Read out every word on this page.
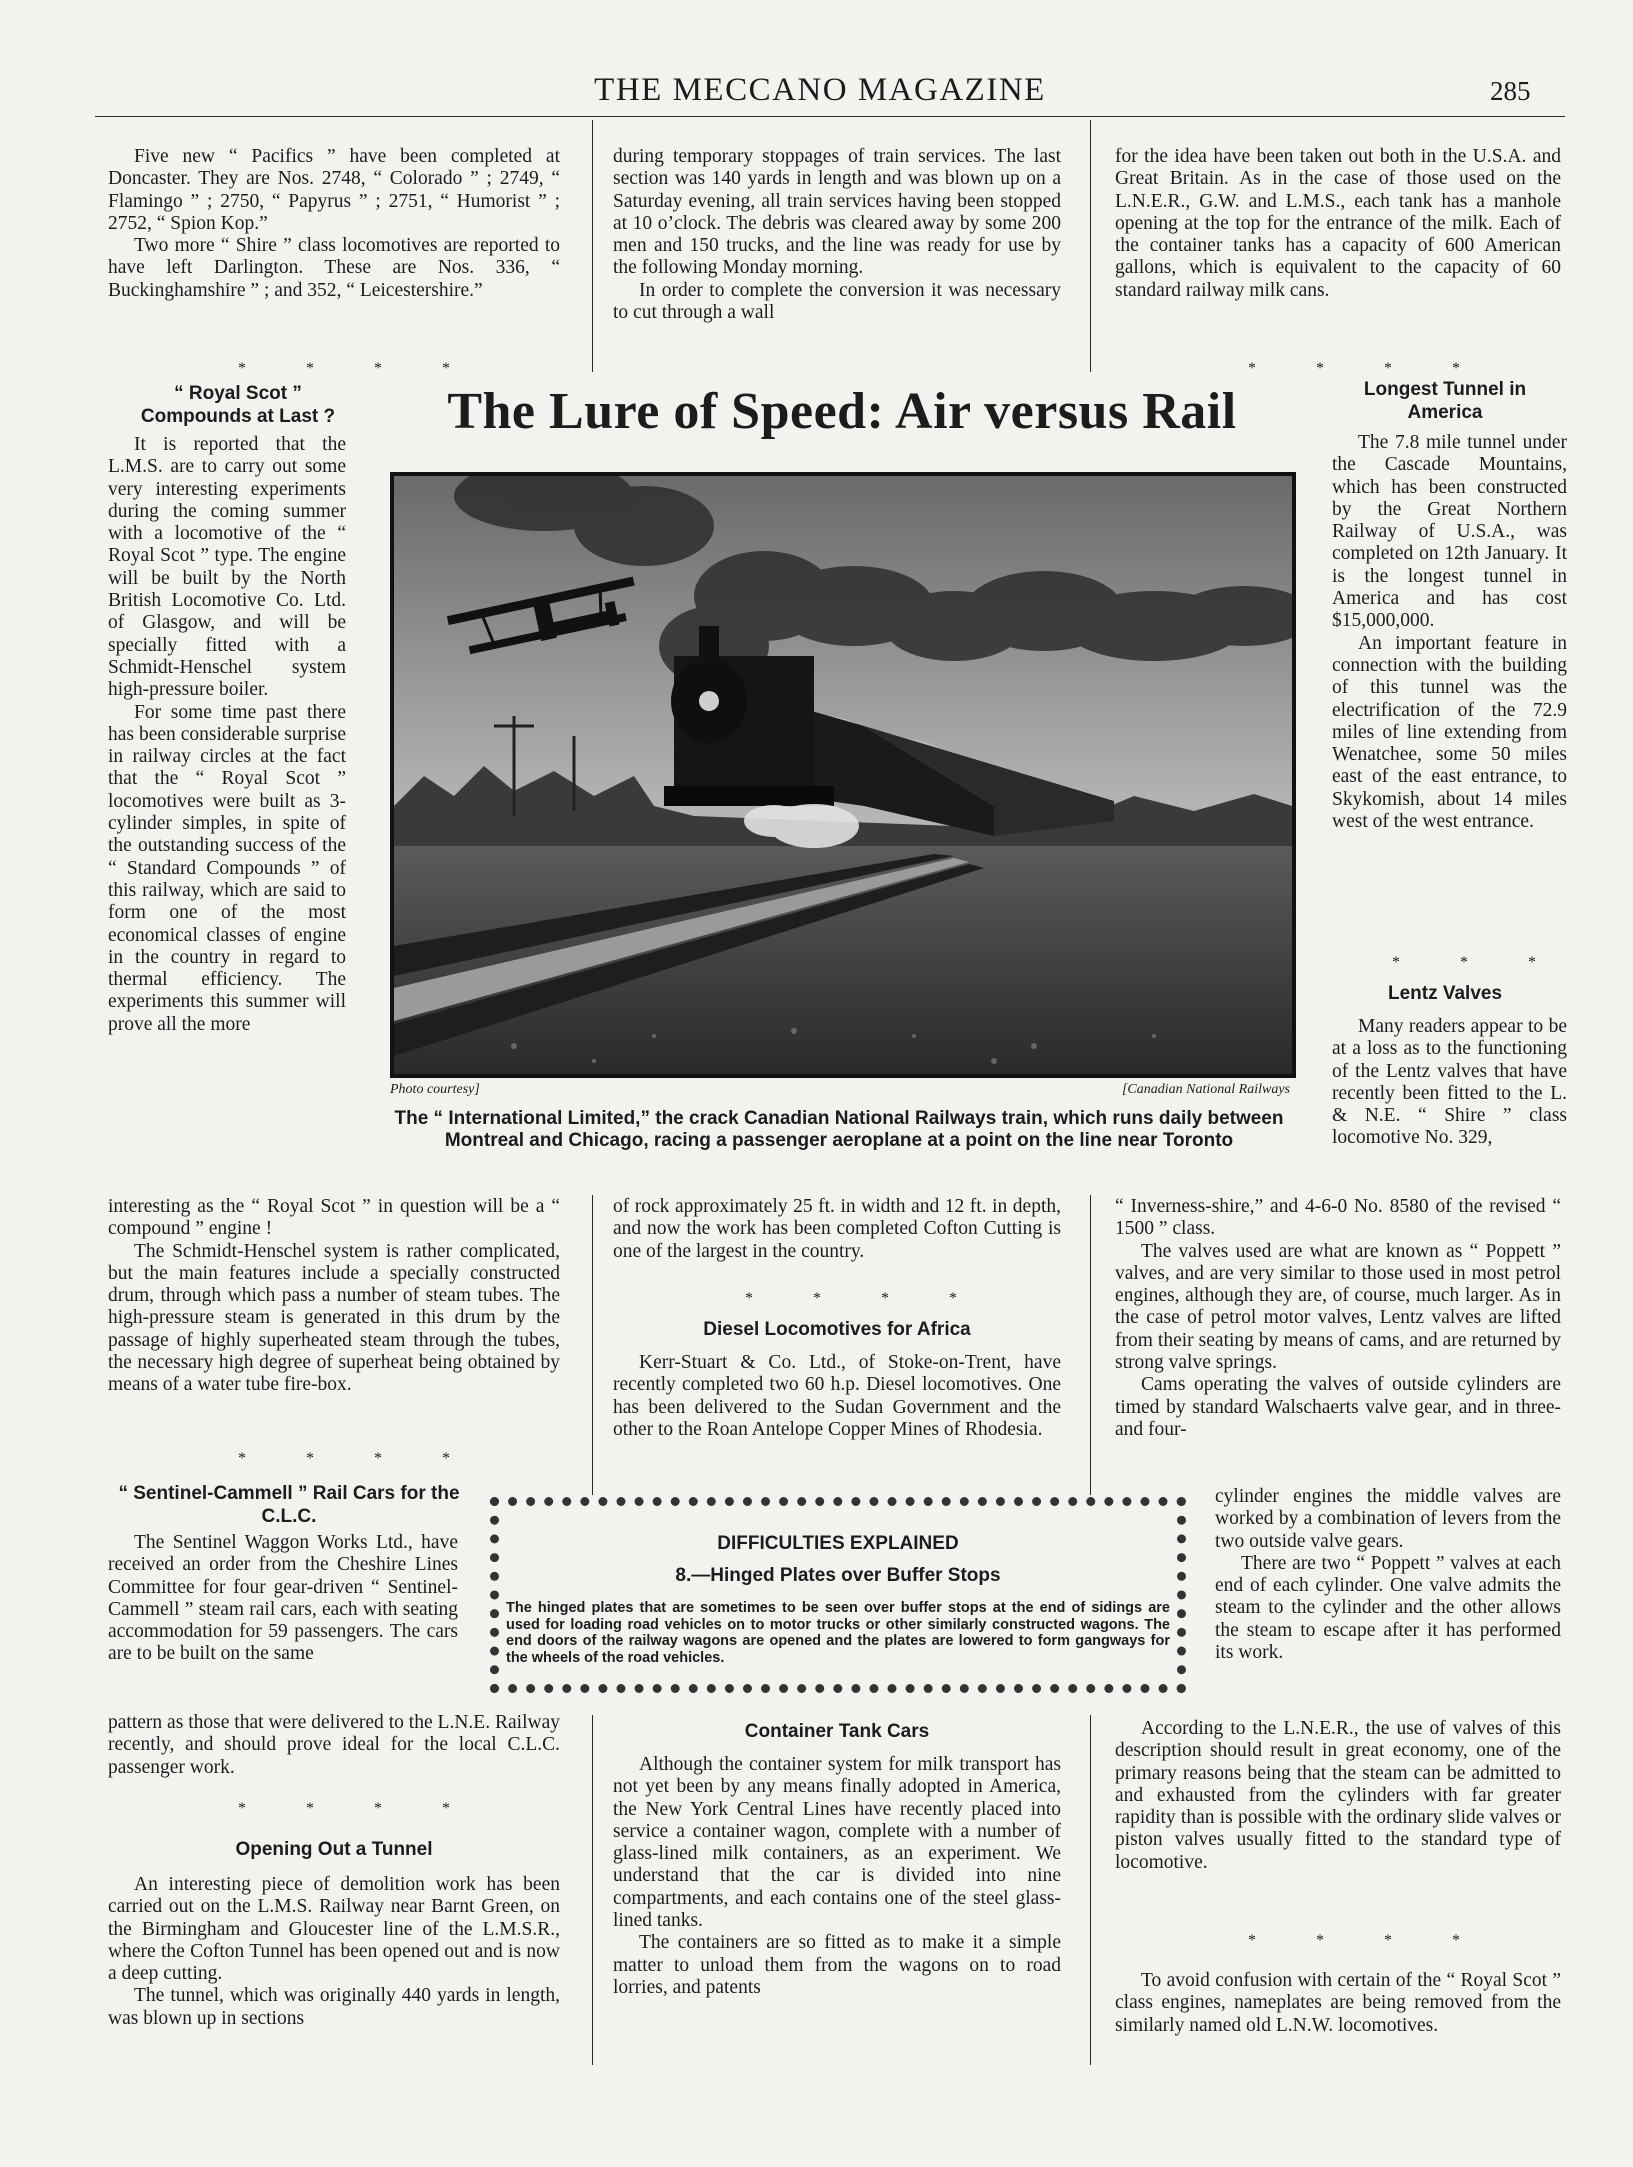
THE MECCANO MAGAZINE	285

Five new “ Pacifics ” have been completed at Doncaster. They are Nos. 2748, “ Colorado ” ; 2749, “ Flamingo ” ; 2750, “ Papyrus ” ; 2751, “ Humorist ” ; 2752, “ Spion Kop.”

Two more “ Shire ” class locomotives are reported to have left Darlington. These are Nos. 336, “ Buckinghamshire ” ; and 352, “ Leicestershire.”

* * * *
“ Royal Scot ” Compounds at Last ?

It is reported that the L.M.S. are to carry out some very interesting experiments during the coming summer with a locomotive of the “ Royal Scot ” type. The engine will be built by the North British Locomotive Co. Ltd. of Glasgow, and will be specially fitted with a Schmidt-Henschel system high-pressure boiler.

For some time past there has been considerable surprise in railway circles at the fact that the “ Royal Scot ” locomotives were built as 3-cylinder simples, in spite of the outstanding success of the “ Standard Compounds ” of this railway, which are said to form one of the most economical classes of engine in the country in regard to thermal efficiency. The experiments this summer will prove all the more

interesting as the “ Royal Scot ” in question will be a “ compound ” engine !

The Schmidt-Henschel system is rather complicated, but the main features include a specially constructed drum, through which pass a number of steam tubes. The high-pressure steam is generated in this drum by the passage of highly superheated steam through the tubes, the necessary high degree of superheat being obtained by means of a water tube fire-box.

* * * *
“ Sentinel-Cammell ” Rail Cars for the C.L.C.

The Sentinel Waggon Works Ltd., have received an order from the Cheshire Lines Committee for four gear-driven “ Sentinel-Cammell ” steam rail cars, each with seating accommodation for 59 passengers. The cars are to be built on the same

pattern as those that were delivered to the L.N.E. Railway recently, and should prove ideal for the local C.L.C. passenger work.

* * * *
Opening Out a Tunnel

An interesting piece of demolition work has been carried out on the L.M.S. Railway near Barnt Green, on the Birmingham and Gloucester line of the L.M.S.R., where the Cofton Tunnel has been opened out and is now a deep cutting.

The tunnel, which was originally 440 yards in length, was blown up in sections

during temporary stoppages of train services. The last section was 140 yards in length and was blown up on a Saturday evening, all train services having been stopped at 10 o’clock. The debris was cleared away by some 200 men and 150 trucks, and the line was ready for use by the following Monday morning.

In order to complete the conversion it was necessary to cut through a wall

The Lure of Speed: Air versus Rail
Photo courtesy]	[Canadian National Railways
The “ International Limited,” the crack Canadian National Railways train, which runs daily between Montreal and Chicago, racing a passenger aeroplane at a point on the line near Toronto

of rock approximately 25 ft. in width and 12 ft. in depth, and now the work has been completed Cofton Cutting is one of the largest in the country.

* * * *
Diesel Locomotives for Africa

Kerr-Stuart & Co. Ltd., of Stoke-on-Trent, have recently completed two 60 h.p. Diesel locomotives. One has been delivered to the Sudan Government and the other to the Roan Antelope Copper Mines of Rhodesia.

DIFFICULTIES EXPLAINED
8.—Hinged Plates over Buffer Stops
The hinged plates that are sometimes to be seen over buffer stops at the end of sidings are used for loading road vehicles on to motor trucks or other similarly constructed wagons. The end doors of the railway wagons are opened and the plates are lowered to form gangways for the wheels of the road vehicles.
Container Tank Cars

Although the container system for milk transport has not yet been by any means finally adopted in America, the New York Central Lines have recently placed into service a container wagon, complete with a number of glass-lined milk containers, as an experiment. We understand that the car is divided into nine compartments, and each contains one of the steel glass-lined tanks.

The containers are so fitted as to make it a simple matter to unload them from the wagons on to road lorries, and patents

for the idea have been taken out both in the U.S.A. and Great Britain. As in the case of those used on the L.N.E.R., G.W. and L.M.S., each tank has a manhole opening at the top for the entrance of the milk. Each of the container tanks has a capacity of 600 American gallons, which is equivalent to the capacity of 60 standard railway milk cans.

* * * *
Longest Tunnel in America

The 7.8 mile tunnel under the Cascade Mountains, which has been constructed by the Great Northern Railway of U.S.A., was completed on 12th January. It is the longest tunnel in America and has cost $15,000,000.

An important feature in connection with the building of this tunnel was the electrification of the 72.9 miles of line extending from Wenatchee, some 50 miles east of the east entrance, to Skykomish, about 14 miles west of the west entrance.

* * *
Lentz Valves

Many readers appear to be at a loss as to the functioning of the Lentz valves that have recently been fitted to the L. & N.E. “ Shire ” class locomotive No. 329,

“ Inverness-shire,” and 4-6-0 No. 8580 of the revised “ 1500 ” class.

The valves used are what are known as “ Poppett ” valves, and are very similar to those used in most petrol engines, although they are, of course, much larger. As in the case of petrol motor valves, Lentz valves are lifted from their seating by means of cams, and are returned by strong valve springs.

Cams operating the valves of outside cylinders are timed by standard Walschaerts valve gear, and in three- and four-

cylinder engines the middle valves are worked by a combination of levers from the two outside valve gears.

There are two “ Poppett ” valves at each end of each cylinder. One valve admits the steam to the cylinder and the other allows the steam to escape after it has performed its work.

According to the L.N.E.R., the use of valves of this description should result in great economy, one of the primary reasons being that the steam can be admitted to and exhausted from the cylinders with far greater rapidity than is possible with the ordinary slide valves or piston valves usually fitted to the standard type of locomotive.

* * * *

To avoid confusion with certain of the “ Royal Scot ” class engines, nameplates are being removed from the similarly named old L.N.W. locomotives.
